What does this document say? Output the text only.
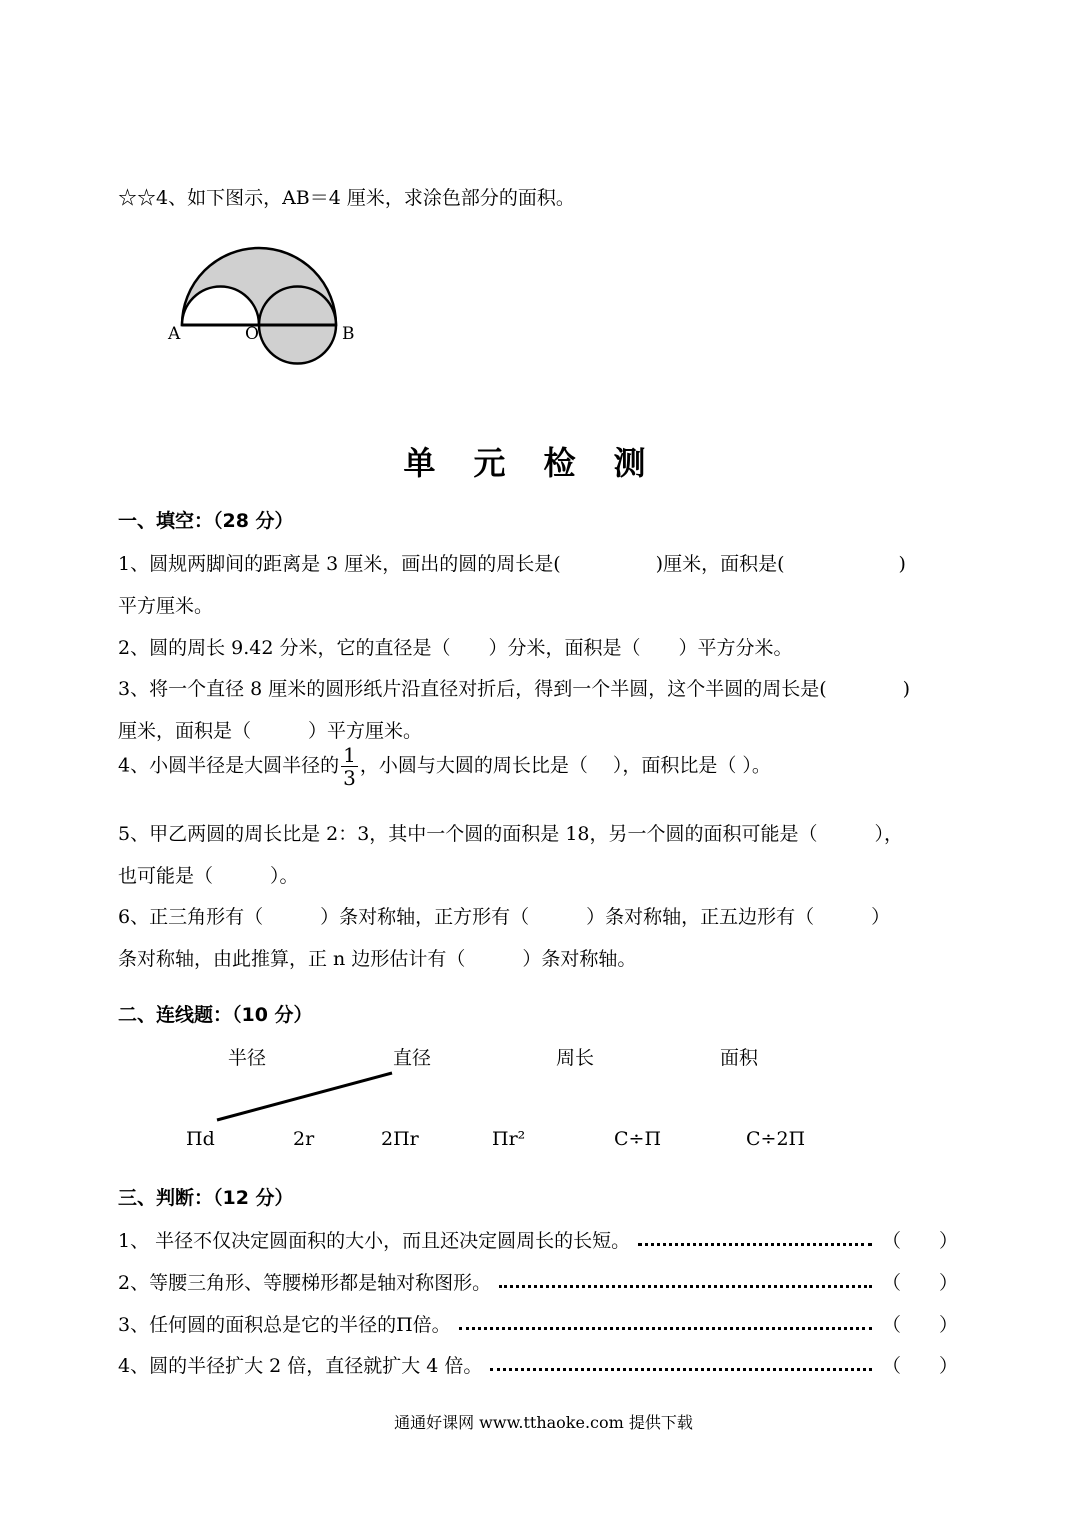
☆☆4、如下图示，AB＝4 厘米，求涂色部分的面积。
A	O	B
单元检测
一、填空：（28 分）
1、圆规两脚间的距离是 3 厘米，画出的圆的周长是(　　　　　)厘米，面积是(　　　　　　)
平方厘米。
2、圆的周长 9.42 分米，它的直径是（　　）分米，面积是（　　）平方分米。
3、将一个直径 8 厘米的圆形纸片沿直径对折后，得到一个半圆，这个半圆的周长是(　　　　)
厘米，面积是（　　　）平方厘米。
4、小圆半径是大圆半径的 $\frac{1}{3}$ ，小圆与大圆的周长比是（　 ），面积比是（ ）。
5、甲乙两圆的周长比是 2：3，其中一个圆的面积是 18，另一个圆的面积可能是（　　　），
也可能是（　　　）。
6、正三角形有（　　　）条对称轴，正方形有（　　　）条对称轴，正五边形有（　　　）
条对称轴，由此推算，正 n 边形估计有（　　　）条对称轴。
二、连线题：（10 分）
半径	直径	周长	面积
Пd	2r	2Пr	Пr²	C÷П	C÷2П
三、判断：（12 分）
1、 半径不仅决定圆面积的大小，而且还决定圆周长的长短。	（　　）
2、等腰三角形、等腰梯形都是轴对称图形。	（　　）
3、任何圆的面积总是它的半径的П倍。	（　　）
4、圆的半径扩大 2 倍，直径就扩大 4 倍。	（　　）
通通好课网 www.tthaoke.com 提供下载
